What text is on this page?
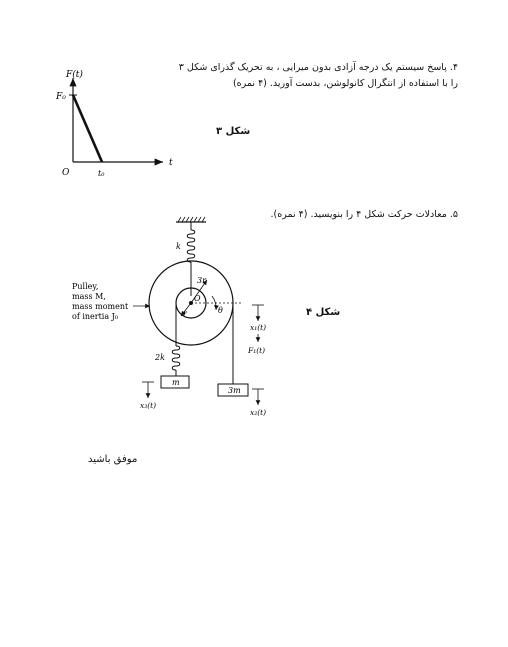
۴. پاسخ سیستم یک درجه آزادی بدون میرایی ، به تحریک گذرای شکل ۳
را با استفاده از انتگرال کانولوشن، بدست آورید. (۴ نمره)
شکل ۳
۵. معادلات حرکت شکل ۴ را بنویسید. (۴ نمره).
شکل ۴
موفق باشید
F(t)
F₀
O	t₀
t
k
3r
r
O
θ
Pulley,
mass M,
mass moment
of inertia J₀
3m
2k
m
x₁(t)
F₁(t)
x₂(t)
x₃(t)
